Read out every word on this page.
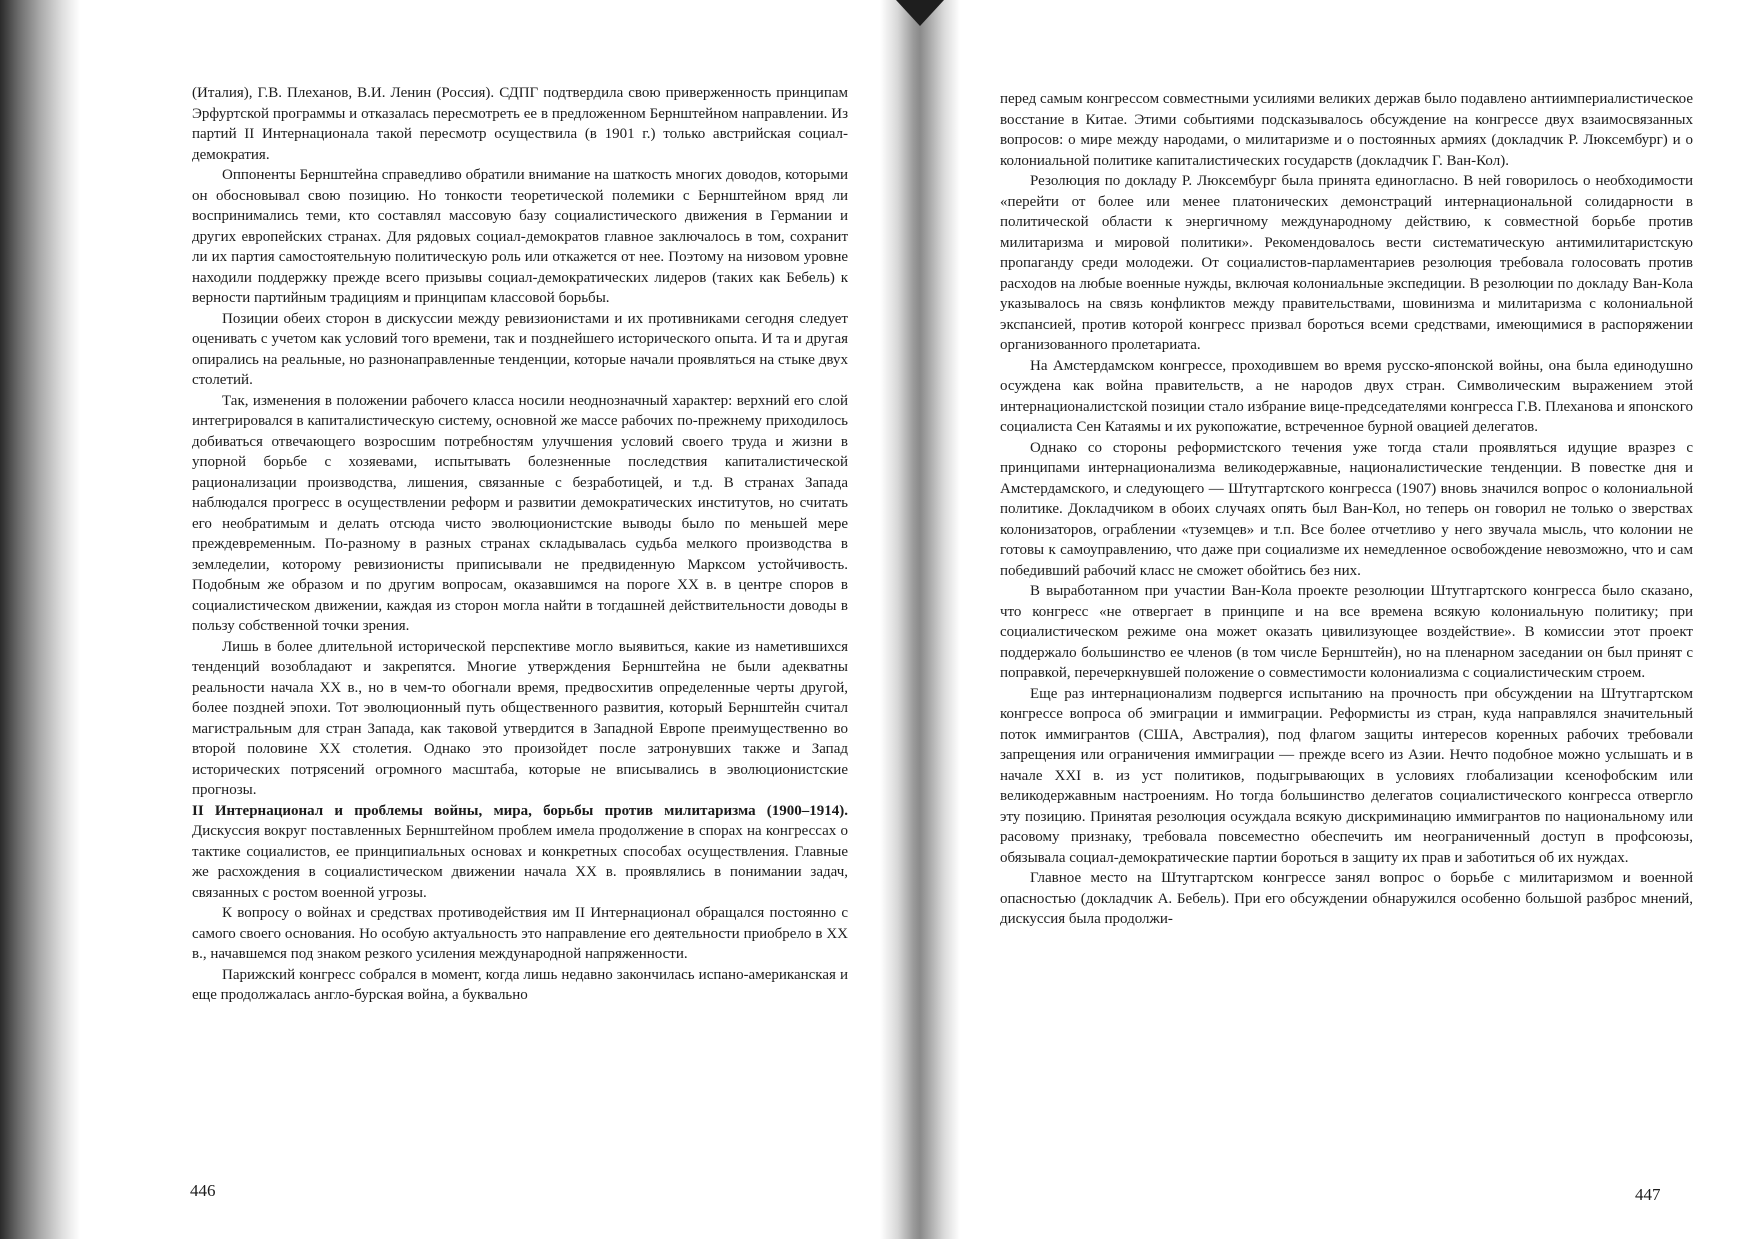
(Италия), Г.В. Плеханов, В.И. Ленин (Россия). СДПГ подтвердила свою приверженность принципам Эрфуртской программы и отказалась пересмотреть ее в предложенном Бернштейном направлении. Из партий II Интернационала такой пересмотр осуществила (в 1901 г.) только австрийская социал-демократия.

Оппоненты Бернштейна справедливо обратили внимание на шаткость многих доводов, которыми он обосновывал свою позицию. Но тонкости теоретической полемики с Бернштейном вряд ли воспринимались теми, кто составлял массовую базу социалистического движения в Германии и других европейских странах. Для рядовых социал-демократов главное заключалось в том, сохранит ли их партия самостоятельную политическую роль или откажется от нее. Поэтому на низовом уровне находили поддержку прежде всего призывы социал-демократических лидеров (таких как Бебель) к верности партийным традициям и принципам классовой борьбы.

Позиции обеих сторон в дискуссии между ревизионистами и их противниками сегодня следует оценивать с учетом как условий того времени, так и позднейшего исторического опыта. И та и другая опирались на реальные, но разнонаправленные тенденции, которые начали проявляться на стыке двух столетий.

Так, изменения в положении рабочего класса носили неоднозначный характер: верхний его слой интегрировался в капиталистическую систему, основной же массе рабочих по-прежнему приходилось добиваться отвечающего возросшим потребностям улучшения условий своего труда и жизни в упорной борьбе с хозяевами, испытывать болезненные последствия капиталистической рационализации производства, лишения, связанные с безработицей, и т.д. В странах Запада наблюдался прогресс в осуществлении реформ и развитии демократических институтов, но считать его необратимым и делать отсюда чисто эволюционистские выводы было по меньшей мере преждевременным. По-разному в разных странах складывалась судьба мелкого производства в земледелии, которому ревизионисты приписывали не предвиденную Марксом устойчивость. Подобным же образом и по другим вопросам, оказавшимся на пороге XX в. в центре споров в социалистическом движении, каждая из сторон могла найти в тогдашней действительности доводы в пользу собственной точки зрения.

Лишь в более длительной исторической перспективе могло выявиться, какие из наметившихся тенденций возобладают и закрепятся. Многие утверждения Бернштейна не были адекватны реальности начала XX в., но в чем-то обогнали время, предвосхитив определенные черты другой, более поздней эпохи. Тот эволюционный путь общественного развития, который Бернштейн считал магистральным для стран Запада, как таковой утвердится в Западной Европе преимущественно во второй половине XX столетия. Однако это произойдет после затронувших также и Запад исторических потрясений огромного масштаба, которые не вписывались в эволюционистские прогнозы.

II Интернационал и проблемы войны, мира, борьбы против милитаризма (1900–1914). Дискуссия вокруг поставленных Бернштейном проблем имела продолжение в спорах на конгрессах о тактике социалистов, ее принципиальных основах и конкретных способах осуществления. Главные же расхождения в социалистическом движении начала XX в. проявлялись в понимании задач, связанных с ростом военной угрозы.

К вопросу о войнах и средствах противодействия им II Интернационал обращался постоянно с самого своего основания. Но особую актуальность это направление его деятельности приобрело в XX в., начавшемся под знаком резкого усиления международной напряженности.

Парижский конгресс собрался в момент, когда лишь недавно закончилась испано-американская и еще продолжалась англо-бурская война, а буквально

446

перед самым конгрессом совместными усилиями великих держав было подавлено антиимпериалистическое восстание в Китае. Этими событиями подсказывалось обсуждение на конгрессе двух взаимосвязанных вопросов: о мире между народами, о милитаризме и о постоянных армиях (докладчик Р. Люксембург) и о колониальной политике капиталистических государств (докладчик Г. Ван-Кол).

Резолюция по докладу Р. Люксембург была принята единогласно. В ней говорилось о необходимости «перейти от более или менее платонических демонстраций интернациональной солидарности в политической области к энергичному международному действию, к совместной борьбе против милитаризма и мировой политики». Рекомендовалось вести систематическую антимилитаристскую пропаганду среди молодежи. От социалистов-парламентариев резолюция требовала голосовать против расходов на любые военные нужды, включая колониальные экспедиции. В резолюции по докладу Ван-Кола указывалось на связь конфликтов между правительствами, шовинизма и милитаризма с колониальной экспансией, против которой конгресс призвал бороться всеми средствами, имеющимися в распоряжении организованного пролетариата.

На Амстердамском конгрессе, проходившем во время русско-японской войны, она была единодушно осуждена как война правительств, а не народов двух стран. Символическим выражением этой интернационалистской позиции стало избрание вице-председателями конгресса Г.В. Плеханова и японского социалиста Сен Катаямы и их рукопожатие, встреченное бурной овацией делегатов.

Однако со стороны реформистского течения уже тогда стали проявляться идущие вразрез с принципами интернационализма великодержавные, националистические тенденции. В повестке дня и Амстердамского, и следующего — Штутгартского конгресса (1907) вновь значился вопрос о колониальной политике. Докладчиком в обоих случаях опять был Ван-Кол, но теперь он говорил не только о зверствах колонизаторов, ограблении «туземцев» и т.п. Все более отчетливо у него звучала мысль, что колонии не готовы к самоуправлению, что даже при социализме их немедленное освобождение невозможно, что и сам победивший рабочий класс не сможет обойтись без них.

В выработанном при участии Ван-Кола проекте резолюции Штутгартского конгресса было сказано, что конгресс «не отвергает в принципе и на все времена всякую колониальную политику; при социалистическом режиме она может оказать цивилизующее воздействие». В комиссии этот проект поддержало большинство ее членов (в том числе Бернштейн), но на пленарном заседании он был принят с поправкой, перечеркнувшей положение о совместимости колониализма с социалистическим строем.

Еще раз интернационализм подвергся испытанию на прочность при обсуждении на Штутгартском конгрессе вопроса об эмиграции и иммиграции. Реформисты из стран, куда направлялся значительный поток иммигрантов (США, Австралия), под флагом защиты интересов коренных рабочих требовали запрещения или ограничения иммиграции — прежде всего из Азии. Нечто подобное можно услышать и в начале XXI в. из уст политиков, подыгрывающих в условиях глобализации ксенофобским или великодержавным настроениям. Но тогда большинство делегатов социалистического конгресса отвергло эту позицию. Принятая резолюция осуждала всякую дискриминацию иммигрантов по национальному или расовому признаку, требовала повсеместно обеспечить им неограниченный доступ в профсоюзы, обязывала социал-демократические партии бороться в защиту их прав и заботиться об их нуждах.

Главное место на Штутгартском конгрессе занял вопрос о борьбе с милитаризмом и военной опасностью (докладчик А. Бебель). При его обсуждении обнаружился особенно большой разброс мнений, дискуссия была продолжи-

447
